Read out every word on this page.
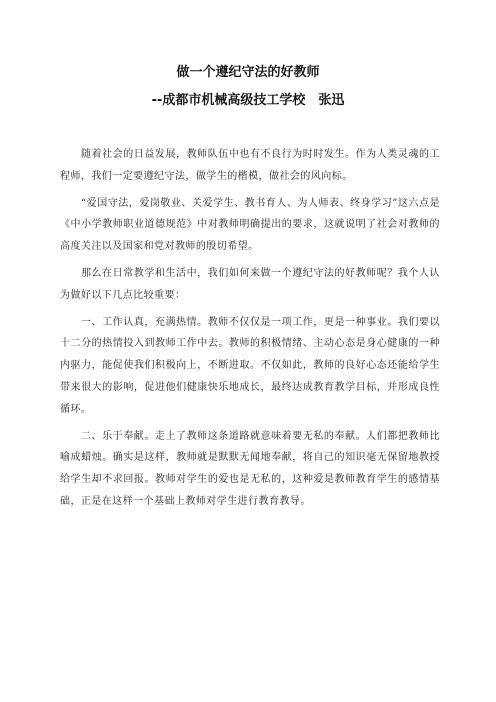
做一个遵纪守法的好教师
--成都市机械高级技工学校　张迅

随着社会的日益发展，教师队伍中也有不良行为时时发生。作为人类灵魂的工程师，我们一定要遵纪守法，做学生的楷模，做社会的风向标。

“爱国守法，爱岗敬业、关爱学生、教书育人、为人师表、终身学习”这六点是《中小学教师职业道德规范》中对教师明确提出的要求，这就说明了社会对教师的高度关注以及国家和党对教师的殷切希望。

那么在日常教学和生活中，我们如何来做一个遵纪守法的好教师呢？我个人认为做好以下几点比较重要：

一、工作认真，充满热情。教师不仅仅是一项工作，更是一种事业。我们要以十二分的热情投入到教师工作中去。教师的积极情绪、主动心态是身心健康的一种内驱力，能促使我们积极向上，不断进取。不仅如此，教师的良好心态还能给学生带来很大的影响，促进他们健康快乐地成长，最终达成教育教学目标，并形成良性循环。

二、乐于奉献。走上了教师这条道路就意味着要无私的奉献。人们都把教师比喻成蜡烛。确实是这样，教师就是默默无闻地奉献，将自己的知识毫无保留地教授给学生却不求回报。教师对学生的爱也是无私的，这种爱是教师教育学生的感情基础，正是在这样一个基础上教师对学生进行教育教导。
